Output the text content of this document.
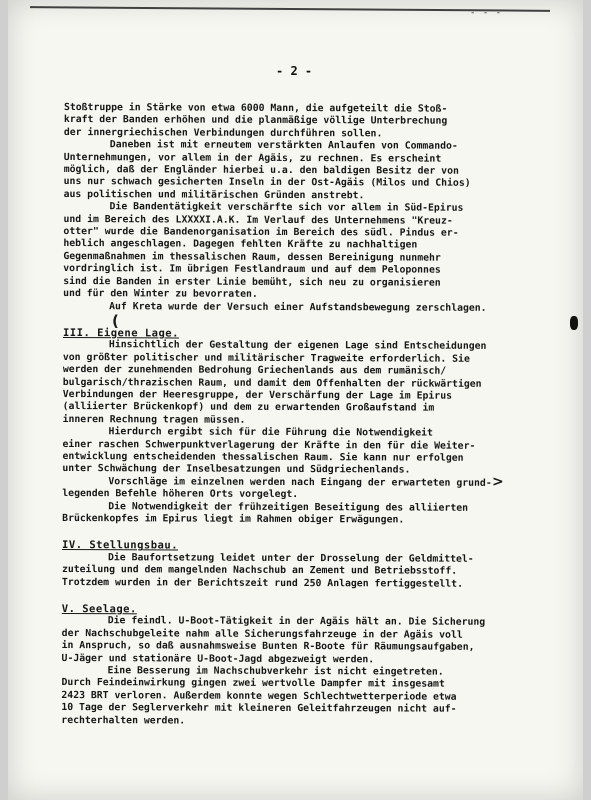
- - -
- 2 -

Stoßtruppe in Stärke von etwa 6000 Mann, die aufgeteilt die Stoß-
kraft der Banden erhöhen und die planmäßige völlige Unterbrechung
der innergriechischen Verbindungen durchführen sollen.

Daneben ist mit erneutem verstärkten Anlaufen von Commando-
Unternehmungen, vor allem in der Ägäis, zu rechnen. Es erscheint
möglich, daß der Engländer hierbei u.a. den baldigen Besitz der von
uns nur schwach gesicherten Inseln in der Ost-Ägäis (Milos und Chios)
aus politischen und militärischen Gründen anstrebt.

Die Bandentätigkeit verschärfte sich vor allem in Süd-Epirus
und im Bereich des LXXXXI.A.K. Im Verlauf des Unternehmens "Kreuz-
otter" wurde die Bandenorganisation im Bereich des südl. Pindus er-
heblich angeschlagen. Dagegen fehlten Kräfte zu nachhaltigen
Gegenmaßnahmen im thessalischen Raum, dessen Bereinigung nunmehr
vordringlich ist. Im übrigen Festlandraum und auf dem Peloponnes
sind die Banden in erster Linie bemüht, sich neu zu organisieren
und für den Winter zu bevorraten.

Auf Kreta wurde der Versuch einer Aufstandsbewegung zerschlagen.

III. Eigene Lage.

Hinsichtlich der Gestaltung der eigenen Lage sind Entscheidungen
von größter politischer und militärischer Tragweite erforderlich. Sie
werden der zunehmenden Bedrohung Griechenlands aus dem rumänisch/
bulgarisch/thrazischen Raum, und damit dem Offenhalten der rückwärtigen
Verbindungen der Heeresgruppe, der Verschärfung der Lage im Epirus
(alliierter Brückenkopf) und dem zu erwartenden Großaufstand im
inneren Rechnung tragen müssen.

Hierdurch ergibt sich für die Führung die Notwendigkeit
einer raschen Schwerpunktverlagerung der Kräfte in den für die Weiter-
entwicklung entscheidenden thessalischen Raum. Sie kann nur erfolgen
unter Schwächung der Inselbesatzungen und Südgriechenlands.

Vorschläge im einzelnen werden nach Eingang der erwarteten grund-
legenden Befehle höheren Orts vorgelegt.

Die Notwendigkeit der frühzeitigen Beseitigung des alliierten
Brückenkopfes im Epirus liegt im Rahmen obiger Erwägungen.

IV. Stellungsbau.

Die Baufortsetzung leidet unter der Drosselung der Geldmittel-
zuteilung und dem mangelnden Nachschub an Zement und Betriebsstoff.
Trotzdem wurden in der Berichtszeit rund 250 Anlagen fertiggestellt.

V. Seelage.

Die feindl. U-Boot-Tätigkeit in der Ägäis hält an. Die Sicherung
der Nachschubgeleite nahm alle Sicherungsfahrzeuge in der Ägäis voll
in Anspruch, so daß ausnahmsweise Bunten R-Boote für Räumungsaufgaben,
U-Jäger und stationäre U-Boot-Jagd abgezweigt werden.

Eine Besserung im Nachschubverkehr ist nicht eingetreten.
Durch Feindeinwirkung gingen zwei wertvolle Dampfer mit insgesamt
2423 BRT verloren. Außerdem konnte wegen Schlechtwetterperiode etwa
10 Tage der Seglerverkehr mit kleineren Geleitfahrzeugen nicht auf-
rechterhalten werden.

(
>
